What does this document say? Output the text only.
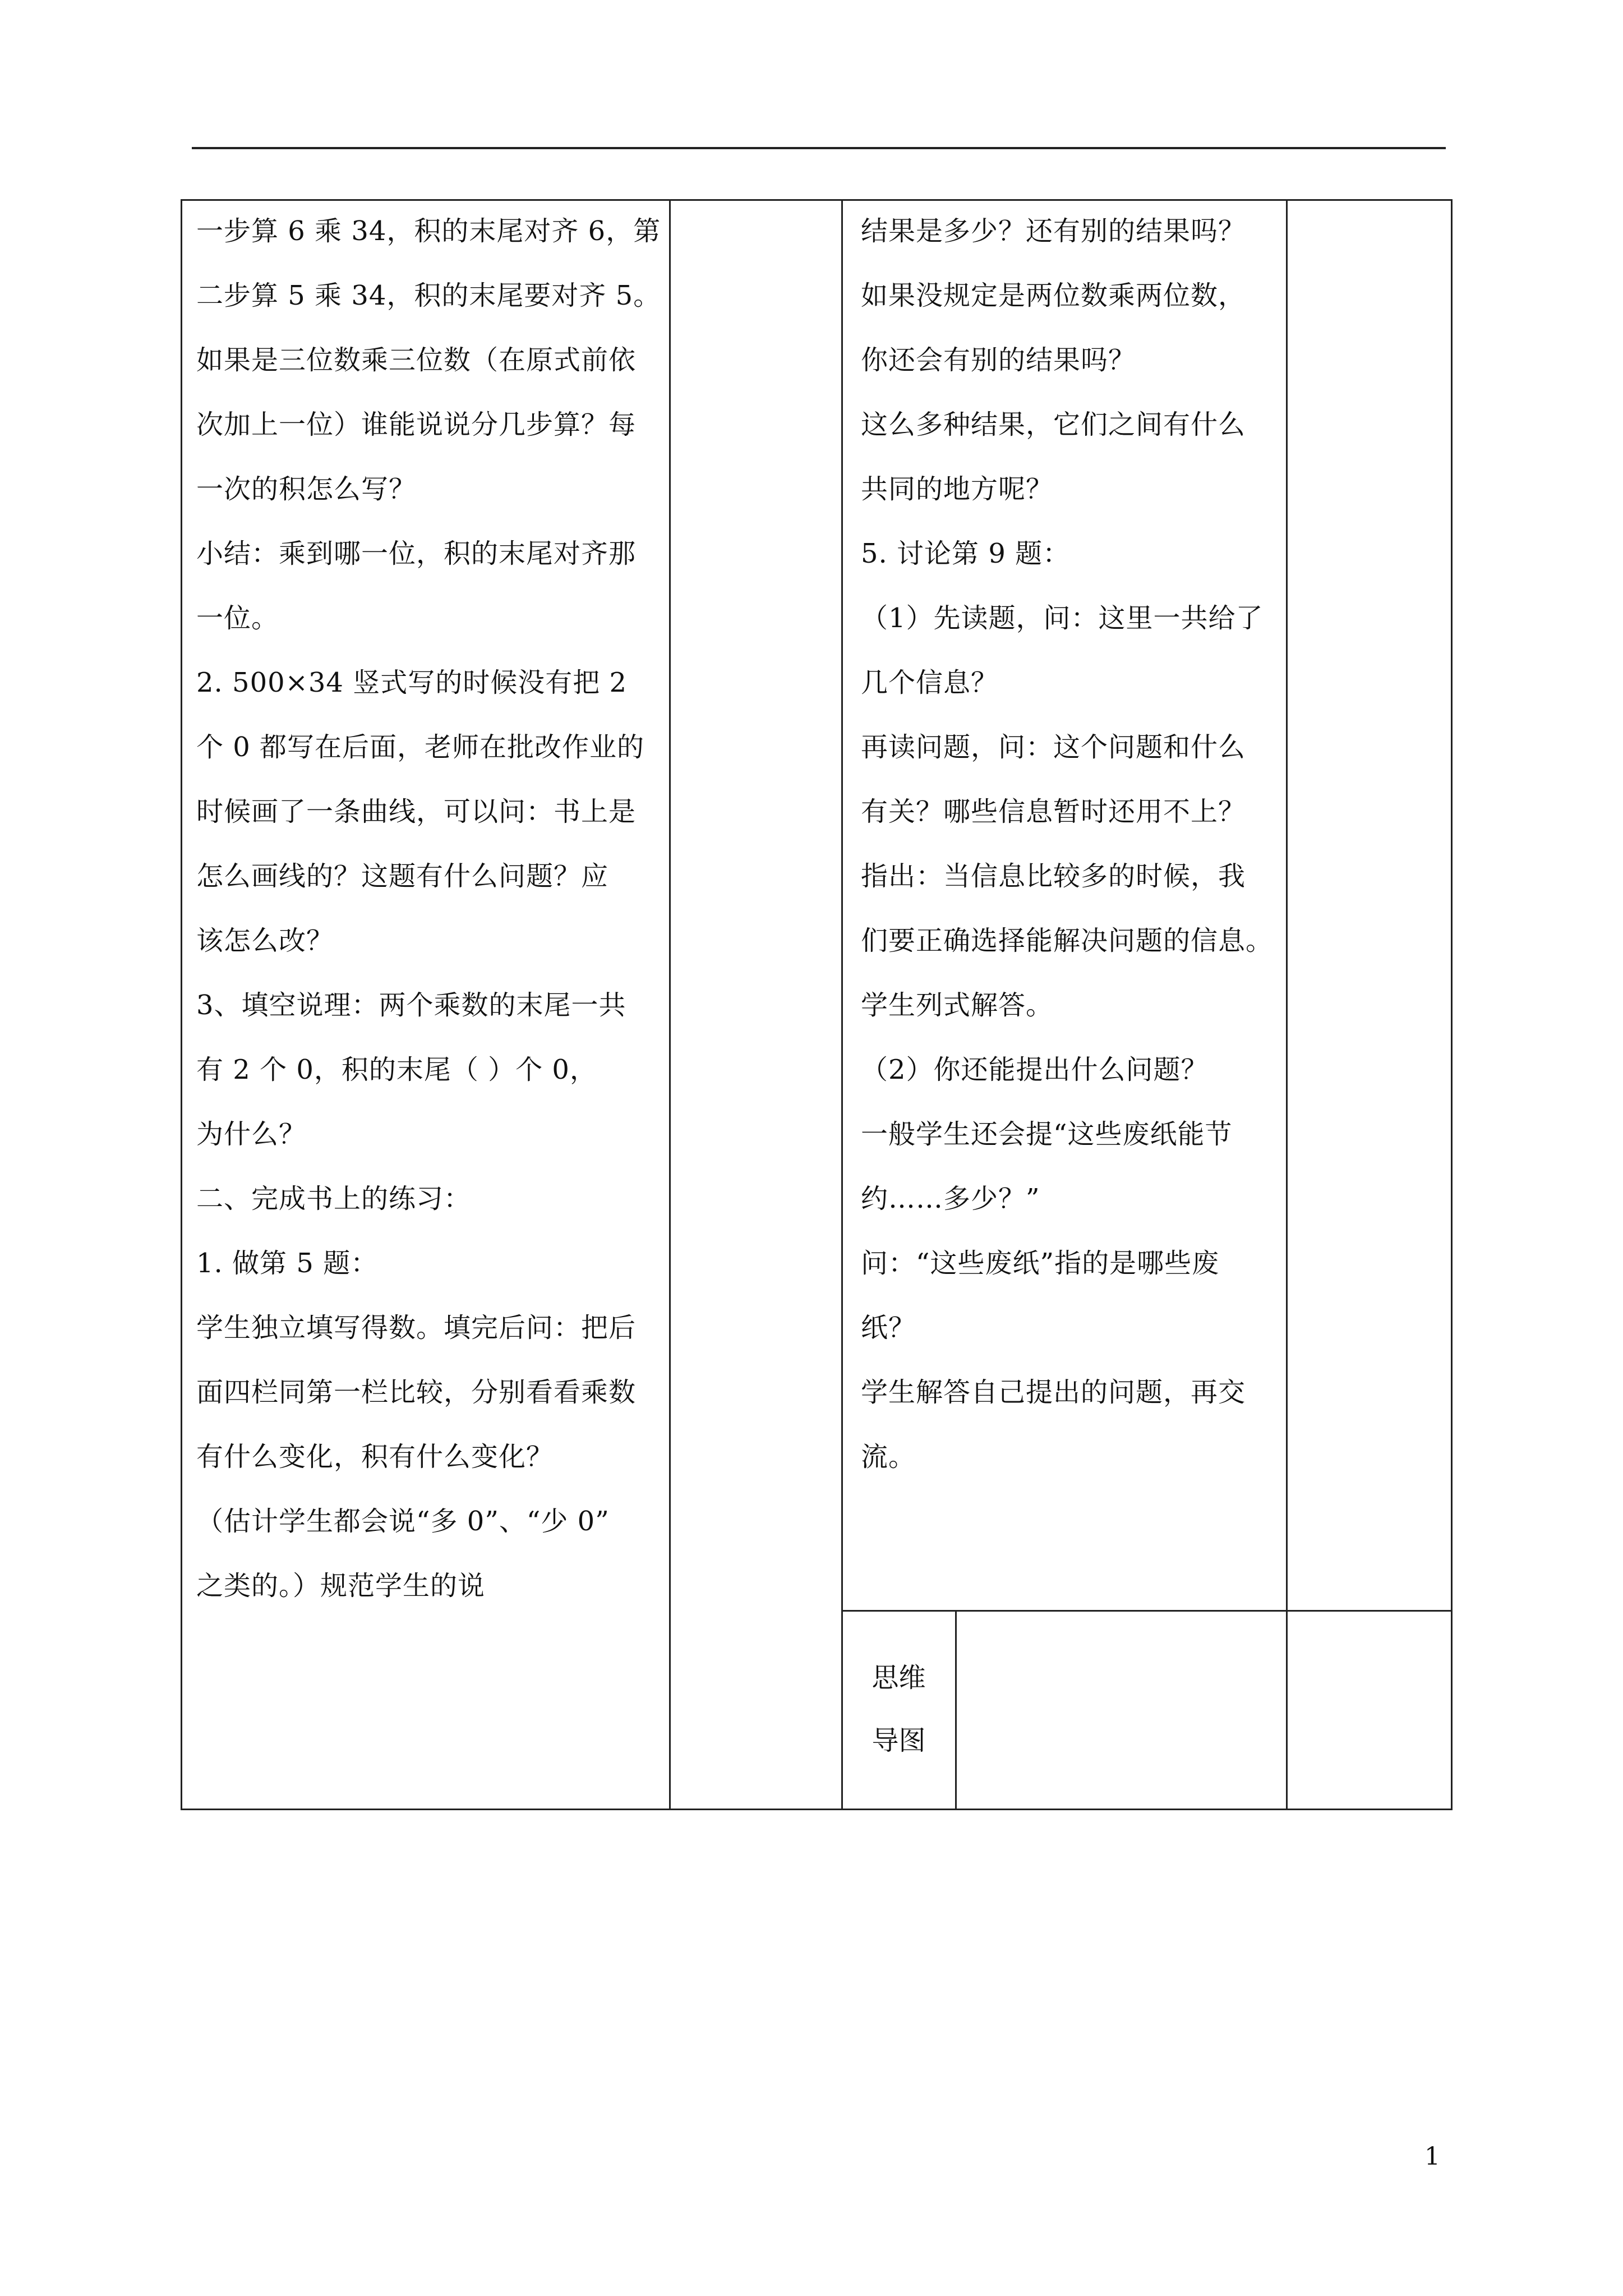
一步算 6 乘 34，积的末尾对齐 6，第

二步算 5 乘 34，积的末尾要对齐 5。

如果是三位数乘三位数（在原式前依

次加上一位）谁能说说分几步算？每

一次的积怎么写？

小结：乘到哪一位，积的末尾对齐那

一位。

2. 500×34 竖式写的时候没有把 2

个 0 都写在后面，老师在批改作业的

时候画了一条曲线，可以问：书上是

怎么画线的？这题有什么问题？应

该怎么改？

3、填空说理：两个乘数的末尾一共

有 2 个 0，积的末尾（ ）个 0，

为什么？

二、完成书上的练习：

1. 做第 5 题：

学生独立填写得数。填完后问：把后

面四栏同第一栏比较，分别看看乘数

有什么变化，积有什么变化？

（估计学生都会说“多 0”、“少 0”

之类的。）规范学生的说

结果是多少？还有别的结果吗？

如果没规定是两位数乘两位数，

你还会有别的结果吗？

这么多种结果，它们之间有什么

共同的地方呢？

5. 讨论第 9 题：

（1）先读题，问：这里一共给了

几个信息？

再读问题，问：这个问题和什么

有关？哪些信息暂时还用不上？

指出：当信息比较多的时候，我

们要正确选择能解决问题的信息。

学生列式解答。

（2）你还能提出什么问题？

一般学生还会提“这些废纸能节

约……多少？”

问：“这些废纸”指的是哪些废

纸？

学生解答自己提出的问题，再交

流。

思维
导图
1
